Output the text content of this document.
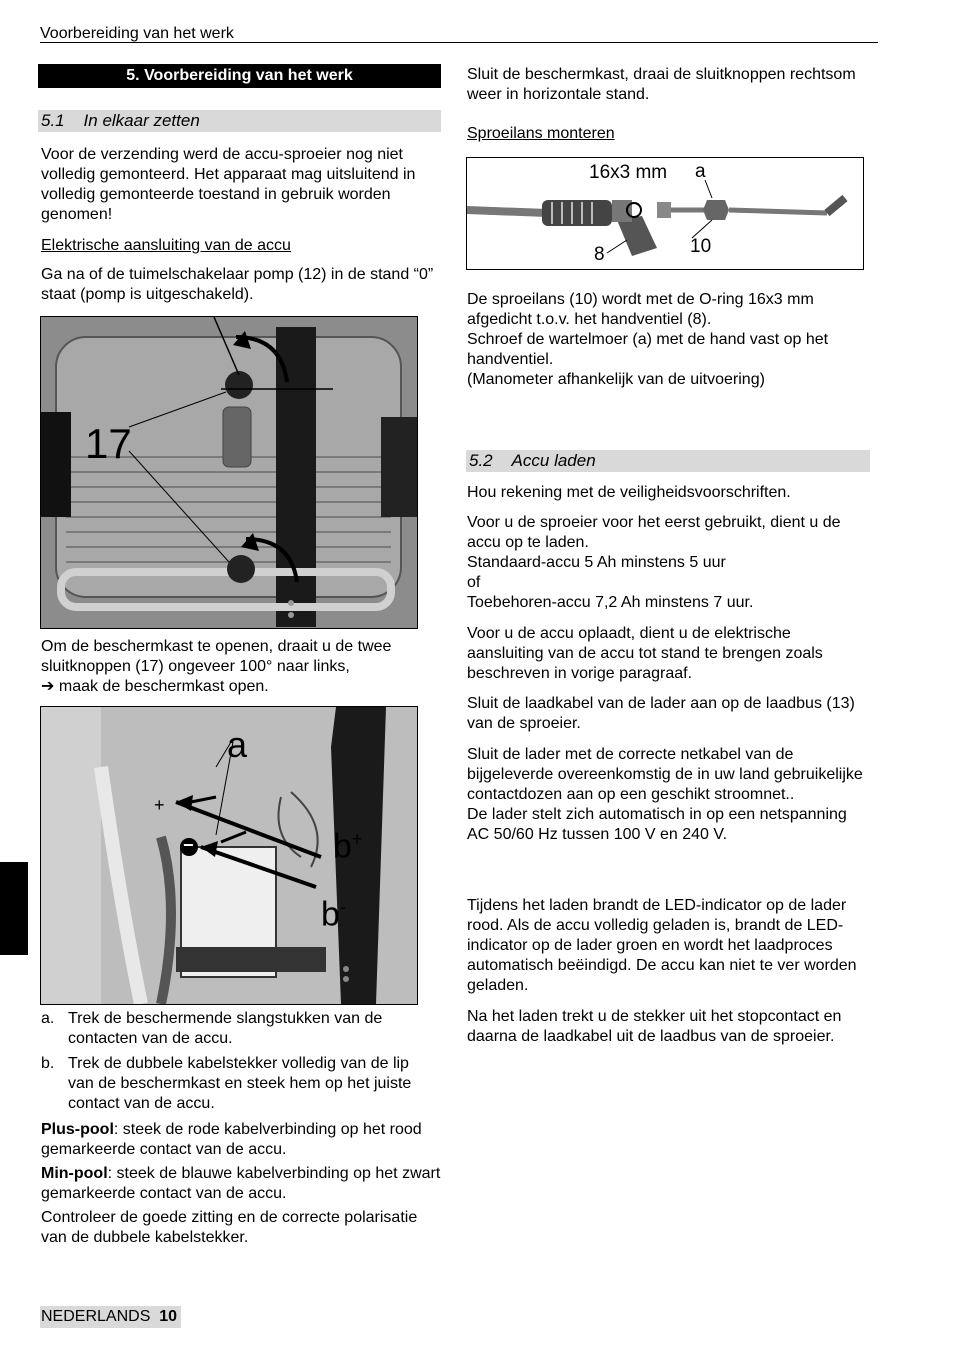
Voorbereiding van het werk
5. Voorbereiding van het werk
5.1 In elkaar zetten

Voor de verzending werd de accu-sproeier nog niet volledig gemonteerd. Het apparaat mag uitsluitend in volledig gemonteerde toestand in gebruik worden genomen!

Elektrische aansluiting van de accu

Ga na of de tuimelschakelaar pomp (12) in de stand “0” staat (pomp is uitgeschakeld).

17

Om de beschermkast te openen, draait u de twee sluitknoppen (17) ongeveer 100° naar links,
➔ maak de beschermkast open.

a
+
−	b+
b-
a. Trek de beschermende slangstukken van de contacten van de accu.
b. Trek de dubbele kabelstekker volledig van de lip van de beschermkast en steek hem op het juiste contact van de accu.

Plus-pool: steek de rode kabelverbinding op het rood gemarkeerde contact van de accu.

Min-pool: steek de blauwe kabelverbinding op het zwart gemarkeerde contact van de accu.

Controleer de goede zitting en de correcte polarisatie van de dubbele kabelstekker.

Sluit de beschermkast, draai de sluitknoppen rechtsom weer in horizontale stand.

Sproeilans monteren

16x3 mm a
8	10

De sproeilans (10) wordt met de O-ring 16x3 mm afgedicht t.o.v. het handventiel (8).
Schroef de wartelmoer (a) met de hand vast op het handventiel.
(Manometer afhankelijk van de uitvoering)

5.2 Accu laden

Hou rekening met de veiligheidsvoorschriften.

Voor u de sproeier voor het eerst gebruikt, dient u de accu op te laden.
Standaard-accu 5 Ah minstens 5 uur
of
Toebehoren-accu 7,2 Ah minstens 7 uur.

Voor u de accu oplaadt, dient u de elektrische aansluiting van de accu tot stand te brengen zoals beschreven in vorige paragraaf.

Sluit de laadkabel van de lader aan op de laadbus (13) van de sproeier.

Sluit de lader met de correcte netkabel van de bijgeleverde overeenkomstig de in uw land gebruikelijke contactdozen aan op een geschikt stroomnet..
De lader stelt zich automatisch in op een netspanning AC 50/60 Hz tussen 100 V en 240 V.

Tijdens het laden brandt de LED-indicator op de lader rood. Als de accu volledig geladen is, brandt de LED-indicator op de lader groen en wordt het laadproces automatisch beëindigd. De accu kan niet te ver worden geladen.

Na het laden trekt u de stekker uit het stopcontact en daarna de laadkabel uit de laadbus van de sproeier.

NEDERLANDS 10
